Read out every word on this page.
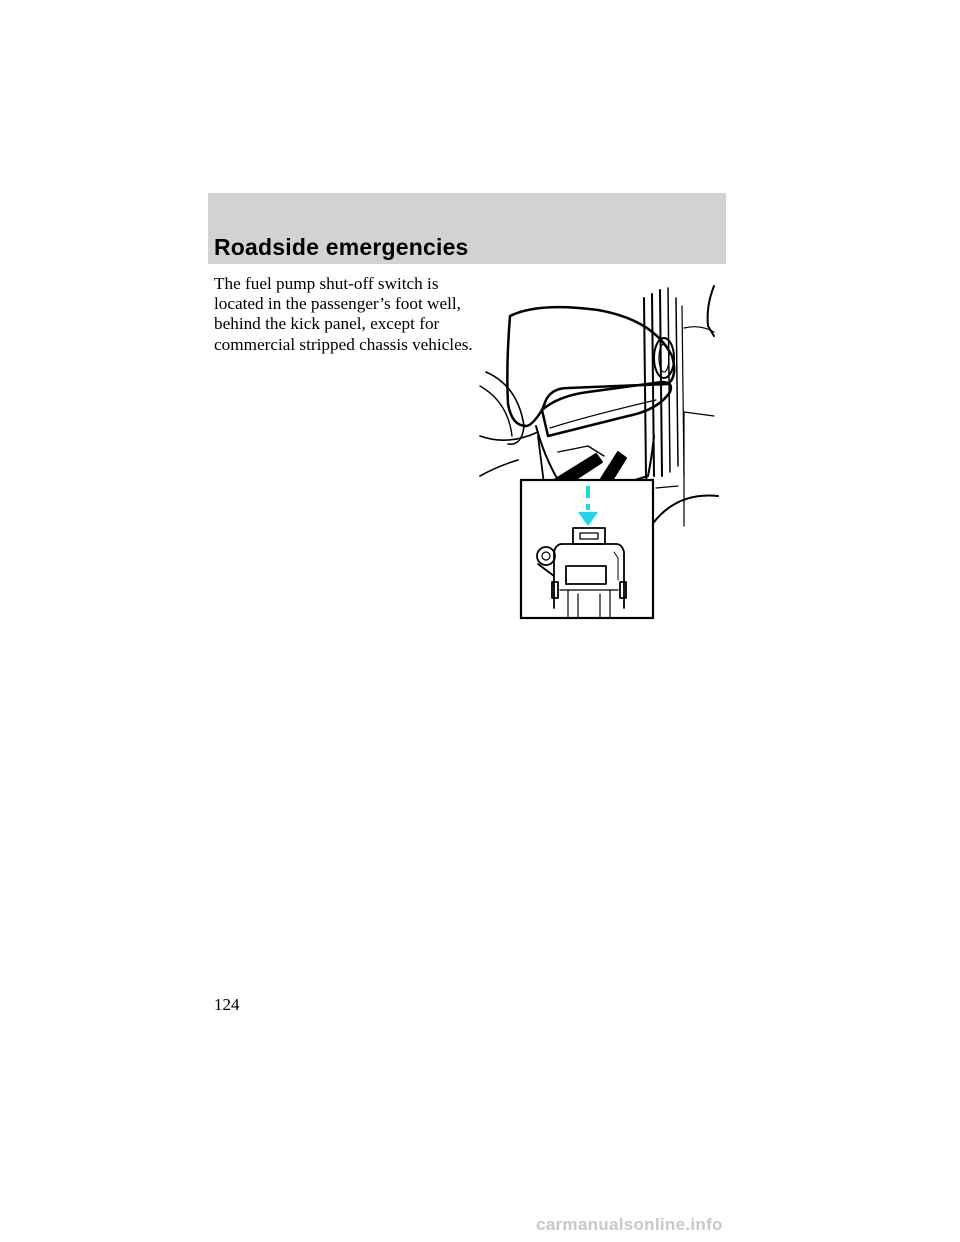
Roadside emergencies

The fuel pump shut-off switch is located in the passenger’s foot well, behind the kick panel, except for commercial stripped chassis vehicles.

124
carmanualsonline.info
